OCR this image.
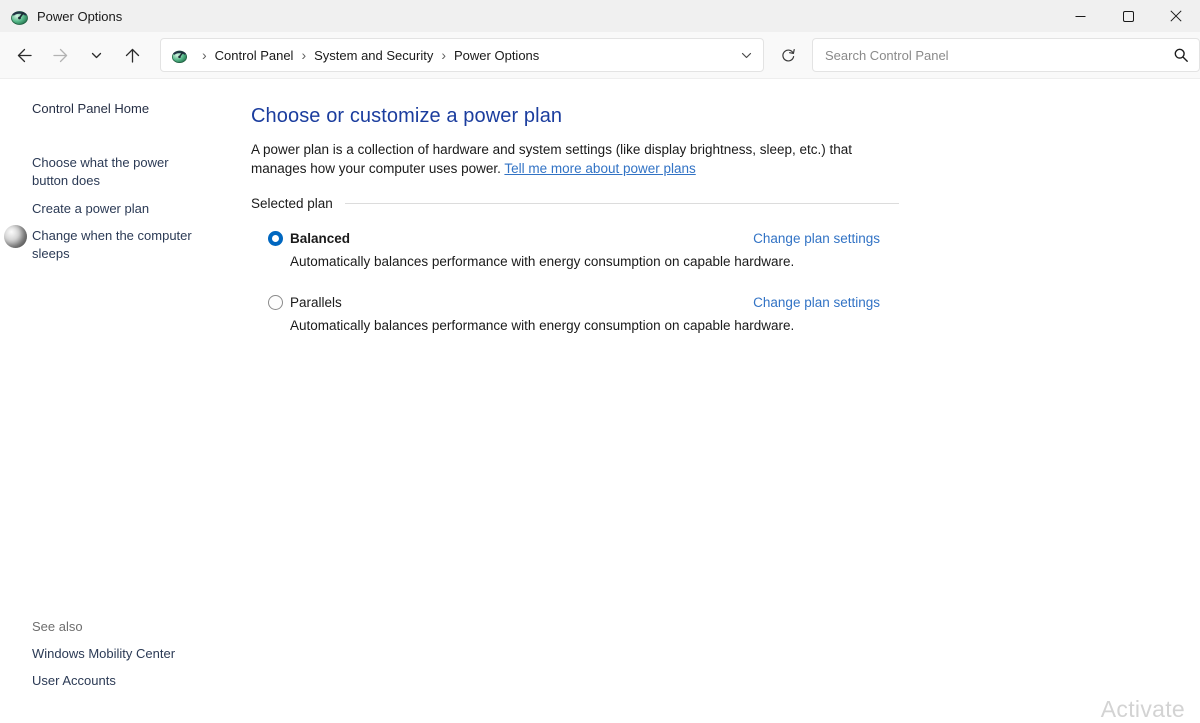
Power Options
› Control Panel › System and Security › Power Options
Search Control Panel
Control Panel Home
Choose what the power button does
Create a power plan
Change when the computer sleeps
See also
Windows Mobility Center
User Accounts
Choose or customize a power plan
A power plan is a collection of hardware and system settings (like display brightness, sleep, etc.) that manages how your computer uses power. Tell me more about power plans
Selected plan
Balanced	Change plan settings
Automatically balances performance with energy consumption on capable hardware.
Parallels	Change plan settings
Automatically balances performance with energy consumption on capable hardware.
Activate
